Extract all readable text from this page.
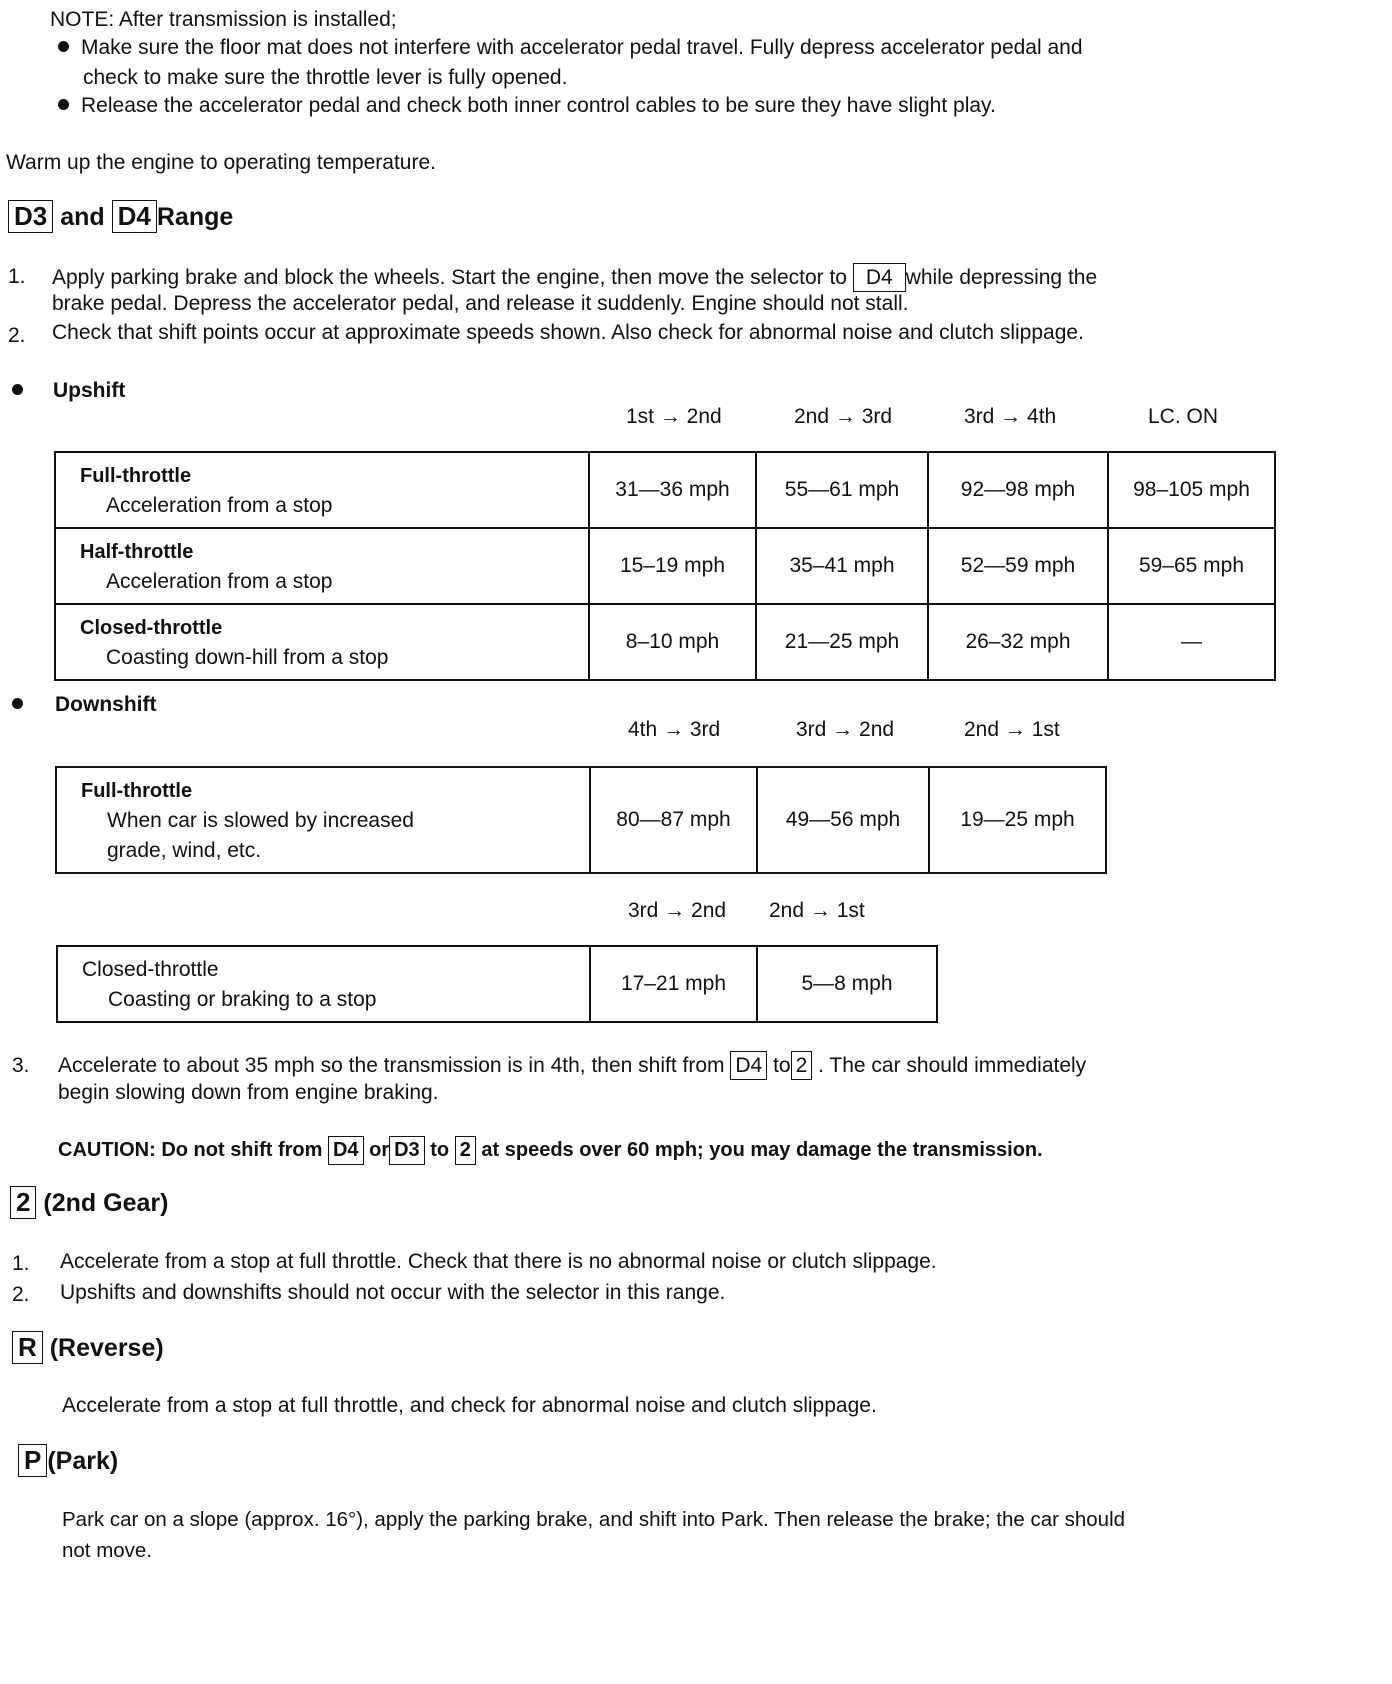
NOTE: After transmission is installed;
Make sure the floor mat does not interfere with accelerator pedal travel. Fully depress accelerator pedal and
check to make sure the throttle lever is fully opened.
Release the accelerator pedal and check both inner control cables to be sure they have slight play.
Warm up the engine to operating temperature.
D3 and D4 Range
1. Apply parking brake and block the wheels. Start the engine, then move the selector to D4 while depressing the
brake pedal. Depress the accelerator pedal, and release it suddenly. Engine should not stall.
2. Check that shift points occur at approximate speeds shown. Also check for abnormal noise and clutch slippage.
Upshift
1st → 2nd	2nd → 3rd	3rd → 4th	LC. ON
Full-throttle
Acceleration from a stop	31—36 mph	55—61 mph	92—98 mph	98–105 mph

Half-throttle
Acceleration from a stop	15–19 mph	35–41 mph	52—59 mph	59–65 mph

Closed-throttle
Coasting down-hill from a stop	8–10 mph	21—25 mph	26–32 mph	—
Downshift
4th → 3rd	3rd → 2nd	2nd → 1st
Full-throttle
When car is slowed by increased
grade, wind, etc.
	80—87 mph	49—56 mph	19—25 mph
3rd → 2nd 2nd → 1st
Closed-throttle
Coasting or braking to a stop
	17–21 mph	5—8 mph
3. Accelerate to about 35 mph so the transmission is in 4th, then shift from D4 to 2 . The car should immediately
begin slowing down from engine braking.
CAUTION: Do not shift from D4 or D3 to 2 at speeds over 60 mph; you may damage the transmission.
2 (2nd Gear)
1. Accelerate from a stop at full throttle. Check that there is no abnormal noise or clutch slippage.
2. Upshifts and downshifts should not occur with the selector in this range.
R (Reverse)
Accelerate from a stop at full throttle, and check for abnormal noise and clutch slippage.
P (Park)
Park car on a slope (approx. 16°), apply the parking brake, and shift into Park. Then release the brake; the car should
not move.
